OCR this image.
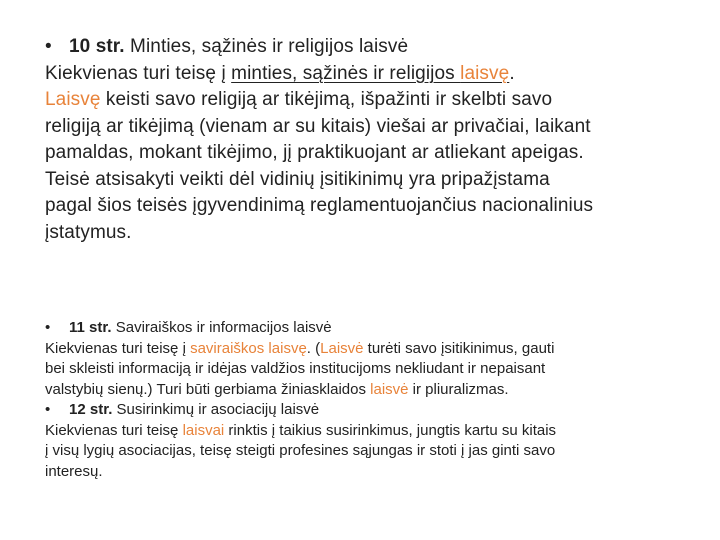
• 10 str. Minties, sąžinės ir religijos laisvė
Kiekvienas turi teisę į minties, sąžinės ir religijos laisvę.
Laisvę keisti savo religiją ar tikėjimą, išpažinti ir skelbti savo
religiją ar tikėjimą (vienam ar su kitais) viešai ar privačiai, laikant
pamaldas, mokant tikėjimo, jį praktikuojant ar atliekant apeigas.
Teisė atsisakyti veikti dėl vidinių įsitikinimų yra pripažįstama
pagal šios teisės įgyvendinimą reglamentuojančius nacionalinius
įstatymus.
• 11 str. Saviraiškos ir informacijos laisvė
Kiekvienas turi teisę į saviraiškos laisvę. (Laisvė turėti savo įsitikinimus, gauti
bei skleisti informaciją ir idėjas valdžios institucijoms nekliudant ir nepaisant
valstybių sienų.) Turi būti gerbiama žiniasklaidos laisvė ir pliuralizmas.
• 12 str. Susirinkimų ir asociacijų laisvė
Kiekvienas turi teisę laisvai rinktis į taikius susirinkimus, jungtis kartu su kitais
į visų lygių asociacijas, teisę steigti profesines sąjungas ir stoti į jas ginti savo
interesų.
